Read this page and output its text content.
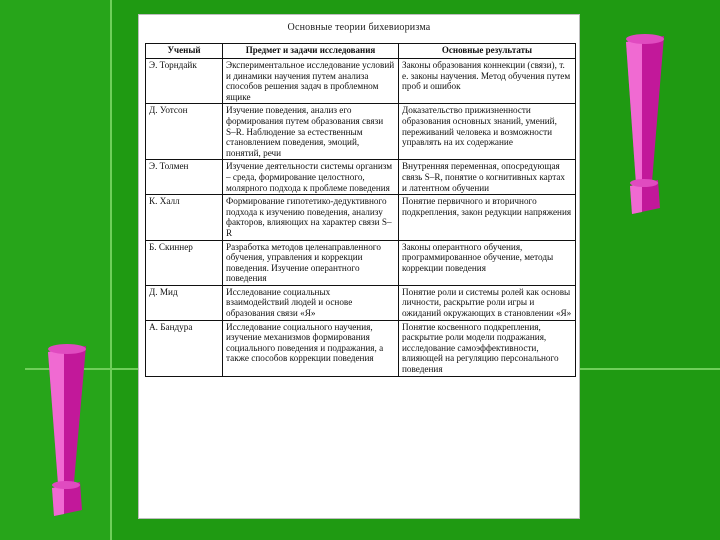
Основные теории бихевиоризма
Ученый	Предмет и задачи исследования	Основные результаты
Э. Торндайк	Экспериментальное исследование условий и динамики научения путем анализа способов решения задач в проблемном ящике	Законы образования коннекции (связи), т. е. законы научения. Метод обучения путем проб и ошибок
Д. Уотсон	Изучение поведения, анализ его формирования путем образования связи S–R. Наблюдение за естественным становлением поведения, эмоций, понятий, речи	Доказательство прижизненности образования основных знаний, умений, переживаний человека и возможности управлять на их содержание
Э. Толмен	Изучение деятельности системы организм – среда, формирование целостного, молярного подхода к проблеме поведения	Внутренняя переменная, опосредующая связь S–R, понятие о когнитивных картах и латентном обучении
К. Халл	Формирование гипотетико-дедуктивного подхода к изучению поведения, анализу факторов, влияющих на характер связи S–R	Понятие первичного и вторичного подкрепления, закон редукции напряжения
Б. Скиннер	Разработка методов целенаправленного обучения, управления и коррекции поведения. Изучение оперантного поведения	Законы оперантного обучения, программированное обучение, методы коррекции поведения
Д. Мид	Исследование социальных взаимодействий людей и основе образования связи «Я»	Понятие роли и системы ролей как основы личности, раскрытие роли игры и ожиданий окружающих в становлении «Я»
А. Бандура	Исследование социального научения, изучение механизмов формирования социального поведения и подражания, а также способов коррекции поведения	Понятие косвенного подкрепления, раскрытие роли модели подражания, исследование самоэффективности, влияющей на регуляцию персонального поведения
